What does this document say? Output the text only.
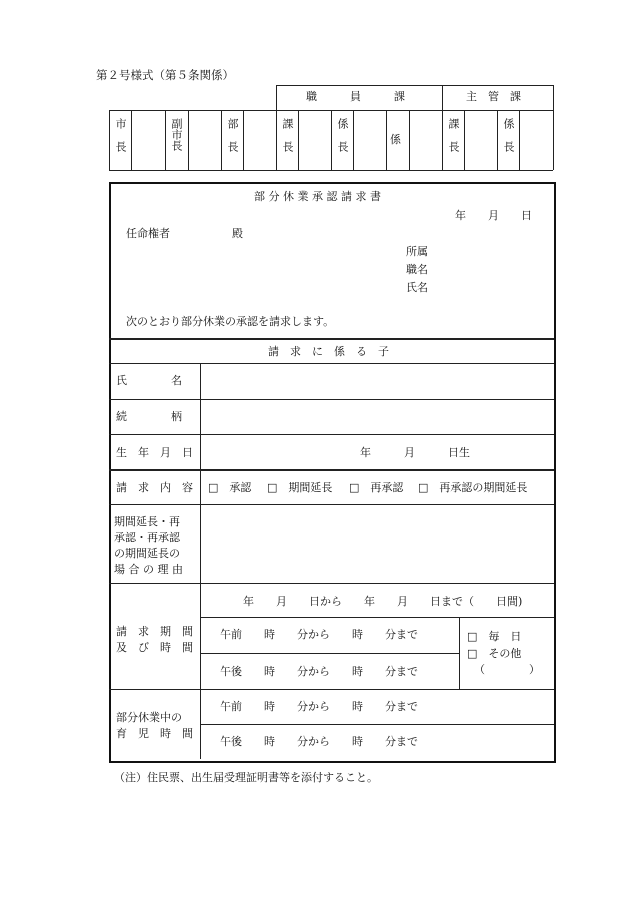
第２号様式（第５条関係）
職　　　員　　　課	主　管　課
市長	副市長	部長	課長	係長	係	課長	係長
部 分 休 業 承 認 請 求 書
年　　月　　日
任命権者	殿
所属
職名
氏名
次のとおり部分休業の承認を請求します。
請　求　に　係　る　子
氏　　　　名
続　　　　柄
生　年　月　日	年　　　月　　　日生
請　求　内　容 □　承認 □　期間延長 □　再承認 □　再承認の期間延長
期間延長・再
承認・再承認
の期間延長の
場 合 の 理 由
請　求　期　間
及　び　時　間
年　　月　　日から　　年　　月　　日まで（　　日間)
午前　　時　　分から　　時　　分まで
午後　　時　　分から　　時　　分まで
□　毎　日
□　その他
（　　　　）
部分休業中の
育　児　時　間
午前　　時　　分から　　時　　分まで
午後　　時　　分から　　時　　分まで
（注）住民票、出生届受理証明書等を添付すること。
